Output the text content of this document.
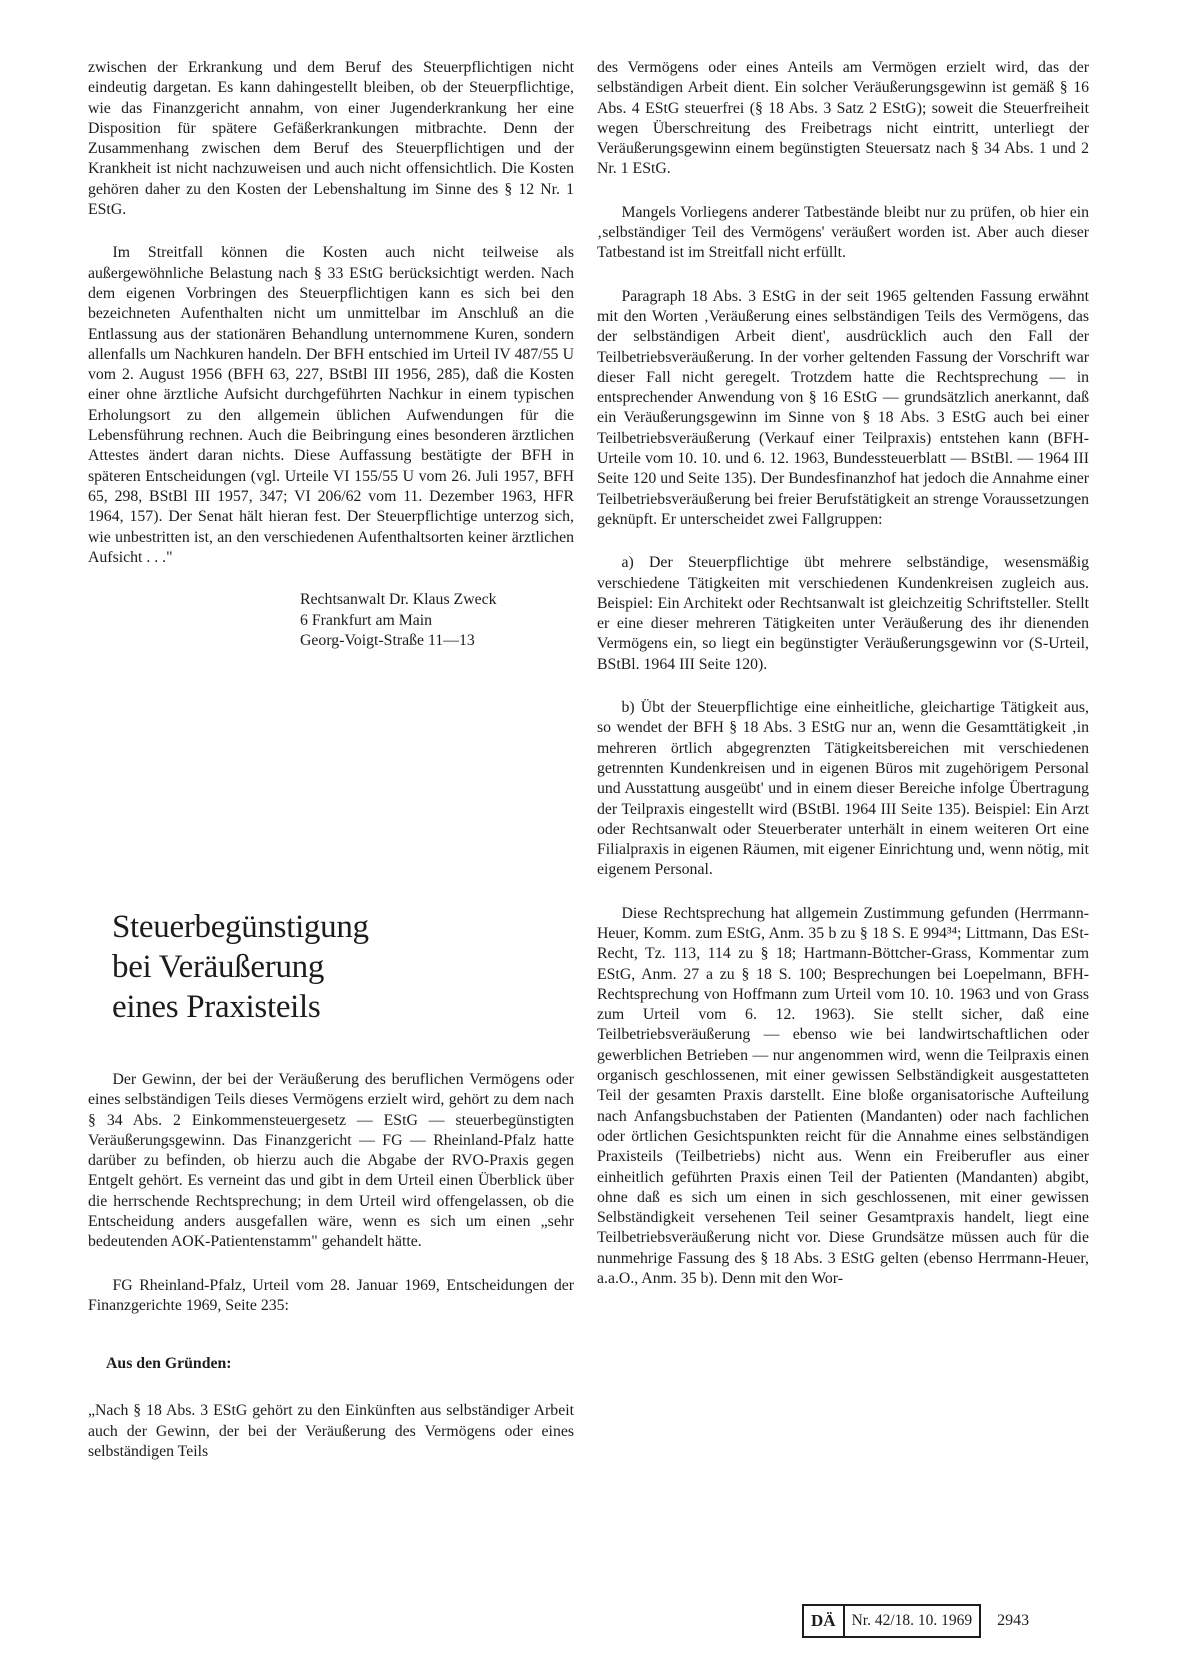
zwischen der Erkrankung und dem Beruf des Steuerpflichtigen nicht eindeutig dargetan. Es kann dahingestellt bleiben, ob der Steuerpflichtige, wie das Finanzgericht annahm, von einer Jugenderkrankung her eine Disposition für spätere Gefäßerkrankungen mitbrachte. Denn der Zusammenhang zwischen dem Beruf des Steuerpflichtigen und der Krankheit ist nicht nachzuweisen und auch nicht offensichtlich. Die Kosten gehören daher zu den Kosten der Lebenshaltung im Sinne des § 12 Nr. 1 EStG.

Im Streitfall können die Kosten auch nicht teilweise als außergewöhnliche Belastung nach § 33 EStG berücksichtigt werden. Nach dem eigenen Vorbringen des Steuerpflichtigen kann es sich bei den bezeichneten Aufenthalten nicht um unmittelbar im Anschluß an die Entlassung aus der stationären Behandlung unternommene Kuren, sondern allenfalls um Nachkuren handeln. Der BFH entschied im Urteil IV 487/55 U vom 2. August 1956 (BFH 63, 227, BStBl III 1956, 285), daß die Kosten einer ohne ärztliche Aufsicht durchgeführten Nachkur in einem typischen Erholungsort zu den allgemein üblichen Aufwendungen für die Lebensführung rechnen. Auch die Beibringung eines besonderen ärztlichen Attestes ändert daran nichts. Diese Auffassung bestätigte der BFH in späteren Entscheidungen (vgl. Urteile VI 155/55 U vom 26. Juli 1957, BFH 65, 298, BStBl III 1957, 347; VI 206/62 vom 11. Dezember 1963, HFR 1964, 157). Der Senat hält hieran fest. Der Steuerpflichtige unterzog sich, wie unbestritten ist, an den verschiedenen Aufenthaltsorten keiner ärztlichen Aufsicht . . ."

Rechtsanwalt Dr. Klaus Zweck
6 Frankfurt am Main
Georg-Voigt-Straße 11—13
Steuerbegünstigung
bei Veräußerung
eines Praxisteils

Der Gewinn, der bei der Veräußerung des beruflichen Vermögens oder eines selbständigen Teils dieses Vermögens erzielt wird, gehört zu dem nach § 34 Abs. 2 Einkommensteuergesetz — EStG — steuerbegünstigten Veräußerungsgewinn. Das Finanzgericht — FG — Rheinland-Pfalz hatte darüber zu befinden, ob hierzu auch die Abgabe der RVO-Praxis gegen Entgelt gehört. Es verneint das und gibt in dem Urteil einen Überblick über die herrschende Rechtsprechung; in dem Urteil wird offengelassen, ob die Entscheidung anders ausgefallen wäre, wenn es sich um einen „sehr bedeutenden AOK-Patientenstamm" gehandelt hätte.

FG Rheinland-Pfalz, Urteil vom 28. Januar 1969, Entscheidungen der Finanzgerichte 1969, Seite 235:

Aus den Gründen:

„Nach § 18 Abs. 3 EStG gehört zu den Einkünften aus selbständiger Arbeit auch der Gewinn, der bei der Veräußerung des Vermögens oder eines selbständigen Teils

des Vermögens oder eines Anteils am Vermögen erzielt wird, das der selbständigen Arbeit dient. Ein solcher Veräußerungsgewinn ist gemäß § 16 Abs. 4 EStG steuerfrei (§ 18 Abs. 3 Satz 2 EStG); soweit die Steuerfreiheit wegen Überschreitung des Freibetrags nicht eintritt, unterliegt der Veräußerungsgewinn einem begünstigten Steuersatz nach § 34 Abs. 1 und 2 Nr. 1 EStG.

Mangels Vorliegens anderer Tatbestände bleibt nur zu prüfen, ob hier ein ‚selbständiger Teil des Vermögens' veräußert worden ist. Aber auch dieser Tatbestand ist im Streitfall nicht erfüllt.

Paragraph 18 Abs. 3 EStG in der seit 1965 geltenden Fassung erwähnt mit den Worten ‚Veräußerung eines selbständigen Teils des Vermögens, das der selbständigen Arbeit dient', ausdrücklich auch den Fall der Teilbetriebsveräußerung. In der vorher geltenden Fassung der Vorschrift war dieser Fall nicht geregelt. Trotzdem hatte die Rechtsprechung — in entsprechender Anwendung von § 16 EStG — grundsätzlich anerkannt, daß ein Veräußerungsgewinn im Sinne von § 18 Abs. 3 EStG auch bei einer Teilbetriebsveräußerung (Verkauf einer Teilpraxis) entstehen kann (BFH-Urteile vom 10. 10. und 6. 12. 1963, Bundessteuerblatt — BStBl. — 1964 III Seite 120 und Seite 135). Der Bundesfinanzhof hat jedoch die Annahme einer Teilbetriebsveräußerung bei freier Berufstätigkeit an strenge Voraussetzungen geknüpft. Er unterscheidet zwei Fallgruppen:

a) Der Steuerpflichtige übt mehrere selbständige, wesensmäßig verschiedene Tätigkeiten mit verschiedenen Kundenkreisen zugleich aus. Beispiel: Ein Architekt oder Rechtsanwalt ist gleichzeitig Schriftsteller. Stellt er eine dieser mehreren Tätigkeiten unter Veräußerung des ihr dienenden Vermögens ein, so liegt ein begünstigter Veräußerungsgewinn vor (S-Urteil, BStBl. 1964 III Seite 120).

b) Übt der Steuerpflichtige eine einheitliche, gleichartige Tätigkeit aus, so wendet der BFH § 18 Abs. 3 EStG nur an, wenn die Gesamttätigkeit ‚in mehreren örtlich abgegrenzten Tätigkeitsbereichen mit verschiedenen getrennten Kundenkreisen und in eigenen Büros mit zugehörigem Personal und Ausstattung ausgeübt' und in einem dieser Bereiche infolge Übertragung der Teilpraxis eingestellt wird (BStBl. 1964 III Seite 135). Beispiel: Ein Arzt oder Rechtsanwalt oder Steuerberater unterhält in einem weiteren Ort eine Filialpraxis in eigenen Räumen, mit eigener Einrichtung und, wenn nötig, mit eigenem Personal.

Diese Rechtsprechung hat allgemein Zustimmung gefunden (Herrmann-Heuer, Komm. zum EStG, Anm. 35 b zu § 18 S. E 994³⁴; Littmann, Das ESt-Recht, Tz. 113, 114 zu § 18; Hartmann-Böttcher-Grass, Kommentar zum EStG, Anm. 27 a zu § 18 S. 100; Besprechungen bei Loepelmann, BFH-Rechtsprechung von Hoffmann zum Urteil vom 10. 10. 1963 und von Grass zum Urteil vom 6. 12. 1963). Sie stellt sicher, daß eine Teilbetriebsveräußerung — ebenso wie bei landwirtschaftlichen oder gewerblichen Betrieben — nur angenommen wird, wenn die Teilpraxis einen organisch geschlossenen, mit einer gewissen Selbständigkeit ausgestatteten Teil der gesamten Praxis darstellt. Eine bloße organisatorische Aufteilung nach Anfangsbuchstaben der Patienten (Mandanten) oder nach fachlichen oder örtlichen Gesichtspunkten reicht für die Annahme eines selbständigen Praxisteils (Teilbetriebs) nicht aus. Wenn ein Freiberufler aus einer einheitlich geführten Praxis einen Teil der Patienten (Mandanten) abgibt, ohne daß es sich um einen in sich geschlossenen, mit einer gewissen Selbständigkeit versehenen Teil seiner Gesamtpraxis handelt, liegt eine Teilbetriebsveräußerung nicht vor. Diese Grundsätze müssen auch für die nunmehrige Fassung des § 18 Abs. 3 EStG gelten (ebenso Herrmann-Heuer, a.a.O., Anm. 35 b). Denn mit den Wor-

DÄ	Nr. 42/18. 10. 1969	2943
